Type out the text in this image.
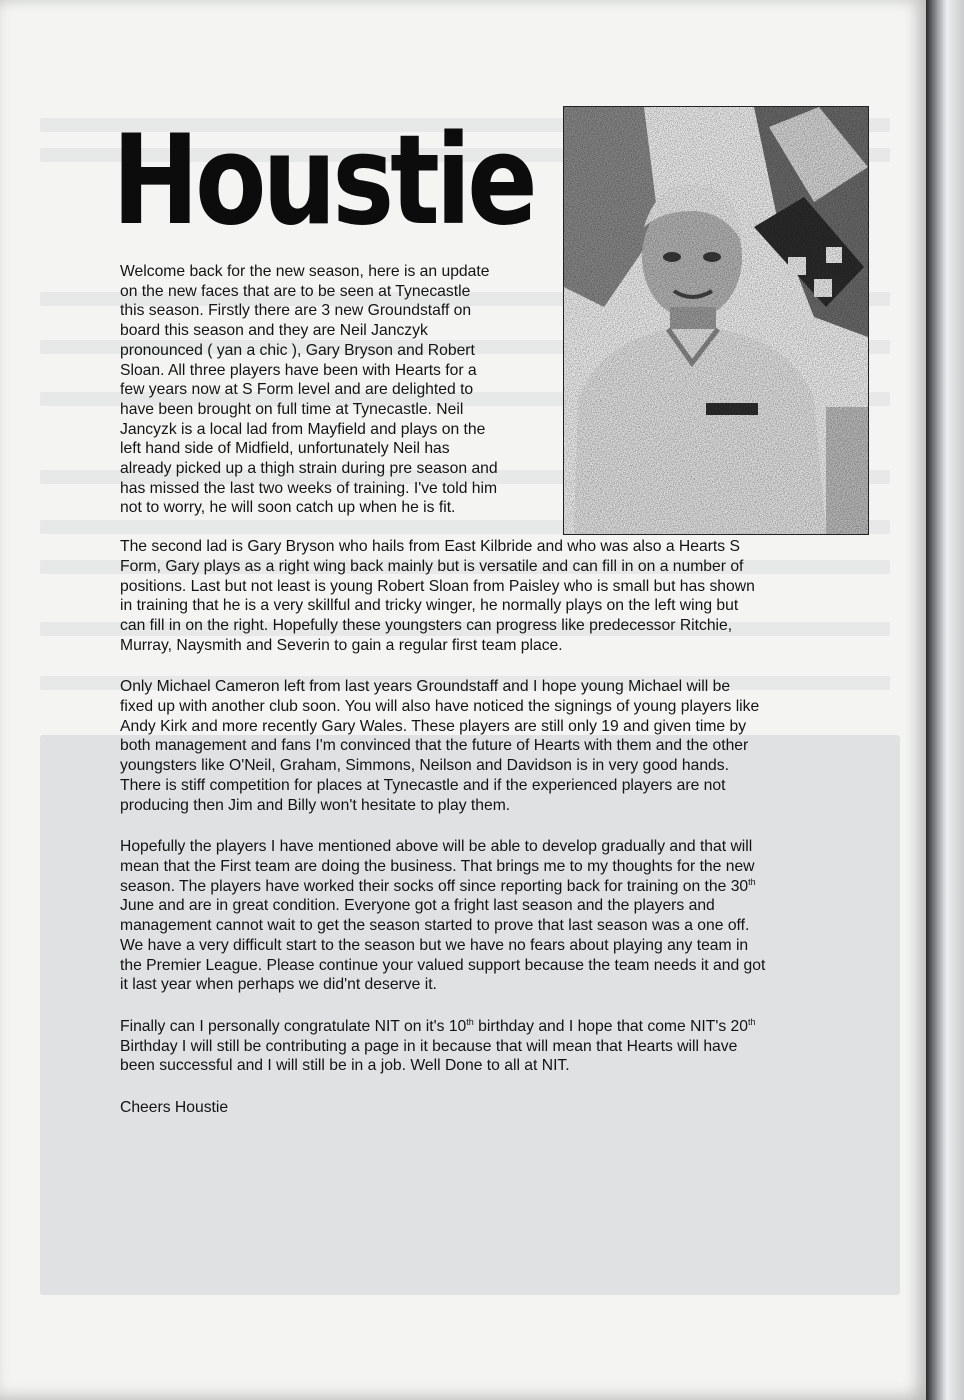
Houstie

Welcome back for the new season, here is an update
on the new faces that are to be seen at Tynecastle
this season. Firstly there are 3 new Groundstaff on
board this season and they are Neil Janczyk
pronounced ( yan a chic ), Gary Bryson and Robert
Sloan. All three players have been with Hearts for a
few years now at S Form level and are delighted to
have been brought on full time at Tynecastle. Neil
Jancyzk is a local lad from Mayfield and plays on the
left hand side of Midfield, unfortunately Neil has
already picked up a thigh strain during pre season and
has missed the last two weeks of training. I've told him
not to worry, he will soon catch up when he is fit.

The second lad is Gary Bryson who hails from East Kilbride and who was also a Hearts S
Form, Gary plays as a right wing back mainly but is versatile and can fill in on a number of
positions. Last but not least is young Robert Sloan from Paisley who is small but has shown
in training that he is a very skillful and tricky winger, he normally plays on the left wing but
can fill in on the right. Hopefully these youngsters can progress like predecessor Ritchie,
Murray, Naysmith and Severin to gain a regular first team place.

Only Michael Cameron left from last years Groundstaff and I hope young Michael will be
fixed up with another club soon. You will also have noticed the signings of young players like
Andy Kirk and more recently Gary Wales. These players are still only 19 and given time by
both management and fans I'm convinced that the future of Hearts with them and the other
youngsters like O'Neil, Graham, Simmons, Neilson and Davidson is in very good hands.
There is stiff competition for places at Tynecastle and if the experienced players are not
producing then Jim and Billy won't hesitate to play them.

Hopefully the players I have mentioned above will be able to develop gradually and that will
mean that the First team are doing the business. That brings me to my thoughts for the new
season. The players have worked their socks off since reporting back for training on the 30th
June and are in great condition. Everyone got a fright last season and the players and
management cannot wait to get the season started to prove that last season was a one off.
We have a very difficult start to the season but we have no fears about playing any team in
the Premier League. Please continue your valued support because the team needs it and got
it last year when perhaps we did'nt deserve it.

Finally can I personally congratulate NIT on it's 10th birthday and I hope that come NIT's 20th
Birthday I will still be contributing a page in it because that will mean that Hearts will have
been successful and I will still be in a job. Well Done to all at NIT.

Cheers Houstie
